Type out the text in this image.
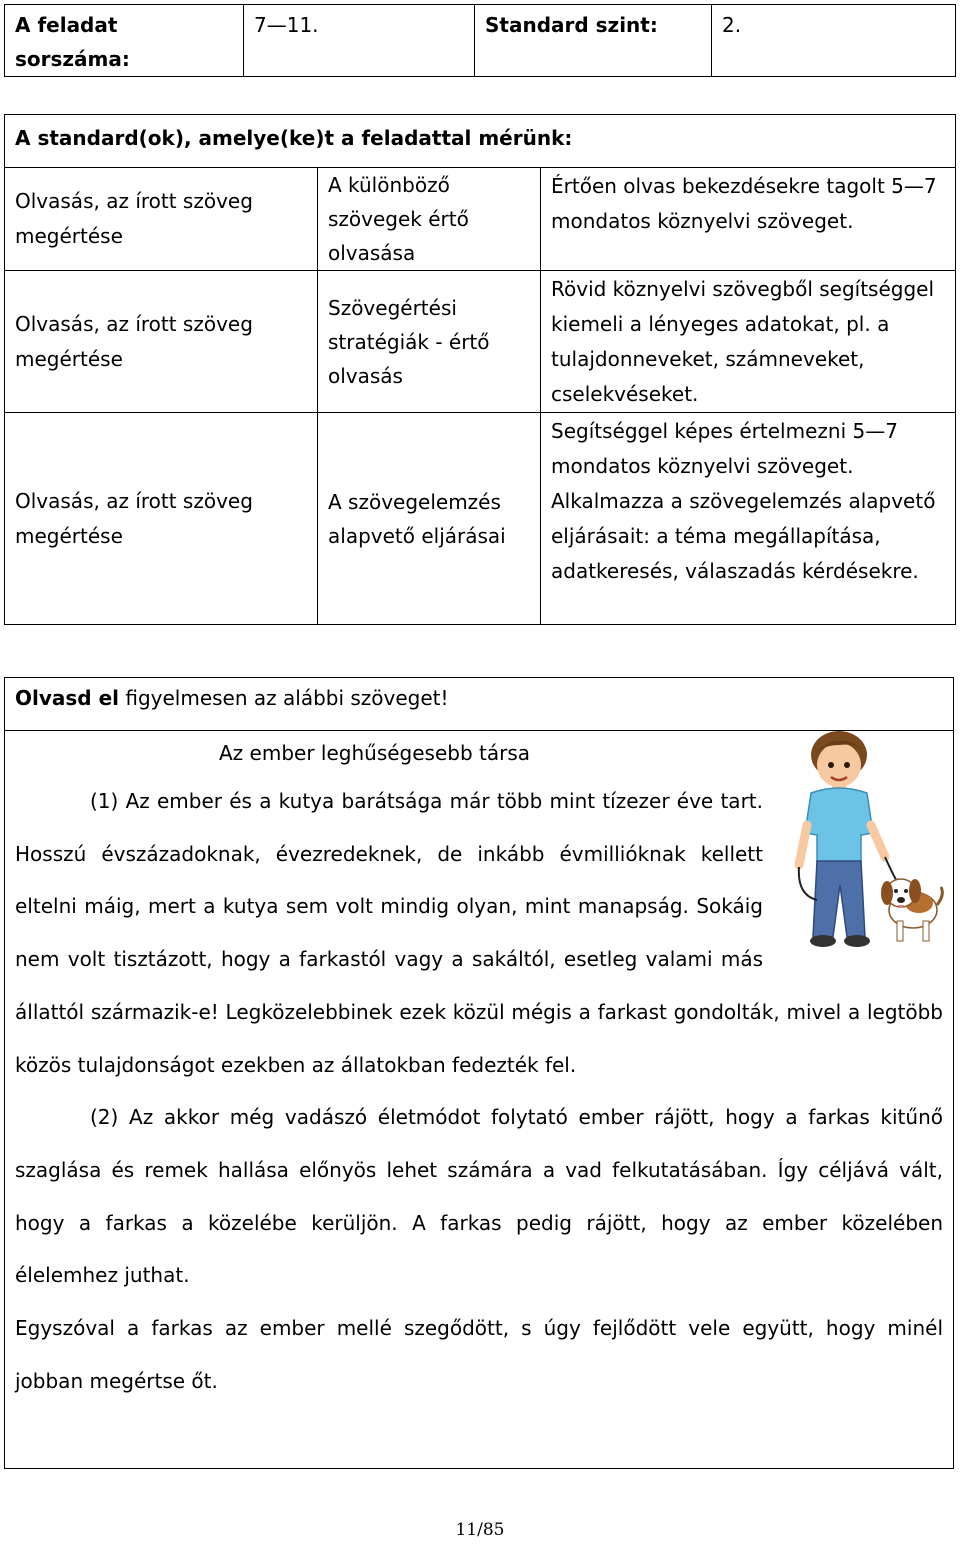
A feladat sorszáma:	7—11.	Standard szint:	2.
A standard(ok), amelye(ke)t a feladattal mérünk:		
Olvasás, az írott szöveg megértése	A különböző szövegek értő olvasása	Értően olvas bekezdésekre tagolt 5—7 mondatos köznyelvi szöveget.
Olvasás, az írott szöveg megértése	Szövegértési stratégiák - értő olvasás	Rövid köznyelvi szövegből segítséggel kiemeli a lényeges adatokat, pl. a tulajdonneveket, számneveket, cselekvéseket.
Olvasás, az írott szöveg megértése	A szövegelemzés alapvető eljárásai	Segítséggel képes értelmezni 5—7 mondatos köznyelvi szöveget. Alkalmazza a szövegelemzés alapvető eljárásait: a téma megállapítása, adatkeresés, válaszadás kérdésekre.
Olvasd el figyelmesen az alábbi szöveget!
Az ember leghűségesebb társa

(1) Az ember és a kutya barátsága már több mint tízezer éve tart. Hosszú évszázadoknak, évezredeknek, de inkább évmillióknak kellett eltelni máig, mert a kutya sem volt mindig olyan, mint manapság. Sokáig nem volt tisztázott, hogy a farkastól vagy a sakáltól, esetleg valami más állattól származik-e! Legközelebbinek ezek közül mégis a farkast gondolták, mivel a legtöbb közös tulajdonságot ezekben az állatokban fedezték fel.

(2) Az akkor még vadászó életmódot folytató ember rájött, hogy a farkas kitűnő szaglása és remek hallása előnyös lehet számára a vad felkutatásában. Így céljává vált, hogy a farkas a közelébe kerüljön. A farkas pedig rájött, hogy az ember közelében élelemhez juthat.

Egyszóval a farkas az ember mellé szegődött, s úgy fejlődött vele együtt, hogy minél jobban megértse őt.

11/85
